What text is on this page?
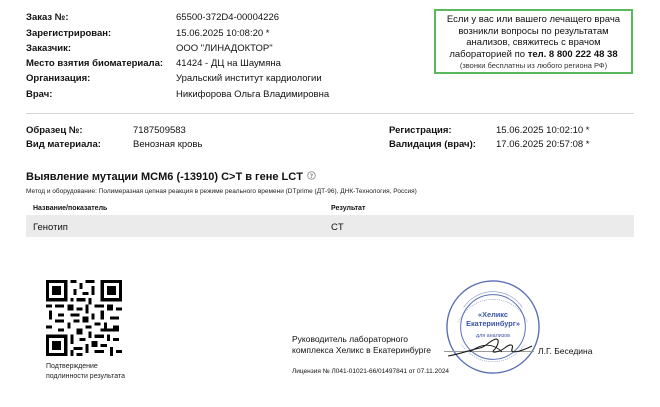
Заказ №:	65500-372D4-00004226
Зарегистрирован:	15.06.2025 10:08:20 *
Заказчик:	ООО "ЛИНАДОКТОР"
Место взятия биоматериала: 41424 - ДЦ на Шаумяна
Организация:	Уральский институт кардиологии
Врач:	Никифорова Ольга Владимировна
Если у вас или вашего лечащего врача
возникли вопросы по результатам
анализов, свяжитесь с врачом
лабораторией по тел. 8 800 222 48 38
(звонки бесплатны из любого региона РФ)
Образец №:	7187509583
Вид материала:	Венозная кровь
Регистрация:	15.06.2025 10:02:10 *
Валидация (врач): 17.06.2025 20:57:08 *
Выявление мутации MCM6 (-13910) C>T в гене LCT ?
Метод и оборудование: Полимеразная цепная реакция в режиме реального времени (DTprime (ДТ-96), ДНК-Технология, Россия)
Название/показатель	Результат
Генотип	CT
Подтверждение
подлинности результата
Руководитель лабораторного
комплекса Хеликс в Екатеринбурге
Лицензия № Л041-01021-66/01497841 от 07.11.2024
«Хеликс
Екатеринбург»
для анализов
Л.Г. Беседина
